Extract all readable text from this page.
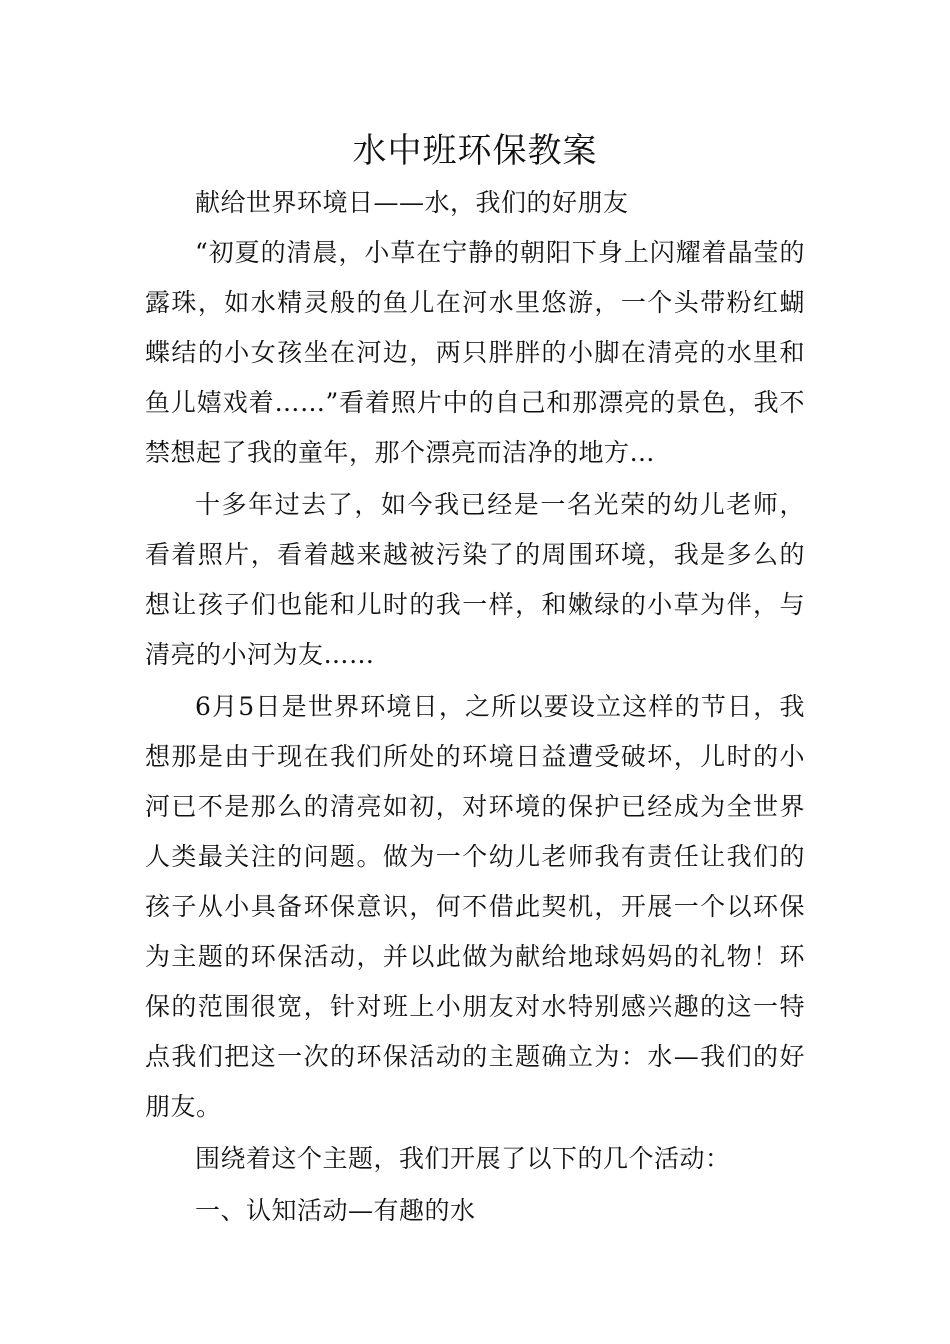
水中班环保教案

献给世界环境日——水，我们的好朋友

“初夏的清晨，小草在宁静的朝阳下身上闪耀着晶莹的露珠，如水精灵般的鱼儿在河水里悠游，一个头带粉红蝴蝶结的小女孩坐在河边，两只胖胖的小脚在清亮的水里和鱼儿嬉戏着……”看着照片中的自己和那漂亮的景色，我不禁想起了我的童年，那个漂亮而洁净的地方…

十多年过去了，如今我已经是一名光荣的幼儿老师，看着照片，看着越来越被污染了的周围环境，我是多么的想让孩子们也能和儿时的我一样，和嫩绿的小草为伴，与清亮的小河为友……

6月5日是世界环境日，之所以要设立这样的节日，我想那是由于现在我们所处的环境日益遭受破坏，儿时的小河已不是那么的清亮如初，对环境的保护已经成为全世界人类最关注的问题。做为一个幼儿老师我有责任让我们的孩子从小具备环保意识，何不借此契机，开展一个以环保为主题的环保活动，并以此做为献给地球妈妈的礼物！环保的范围很宽，针对班上小朋友对水特别感兴趣的这一特点我们把这一次的环保活动的主题确立为：水—我们的好朋友。

围绕着这个主题，我们开展了以下的几个活动：

一、认知活动—有趣的水
